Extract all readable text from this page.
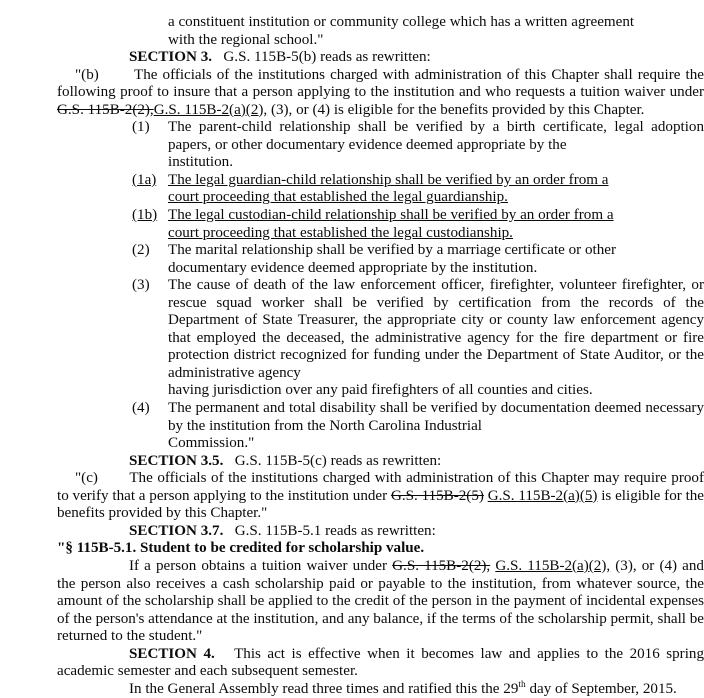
a constituent institution or community college which has a written agreement
with the regional school."
SECTION 3. G.S. 115B-5(b) reads as rewritten:
"(b) The officials of the institutions charged with administration of this Chapter shall require the following proof to insure that a person applying to the institution and who requests a tuition waiver under G.S. 115B-2(2),G.S. 115B-2(a)(2), (3), or (4) is eligible for the benefits provided by this Chapter.
(1)	The parent-child relationship shall be verified by a birth certificate, legal adoption papers, or other documentary evidence deemed appropriate by the
institution.
(1a) The legal guardian-child relationship shall be verified by an order from a
court proceeding that established the legal guardianship.
(1b) The legal custodian-child relationship shall be verified by an order from a
court proceeding that established the legal custodianship.
(2)	The marital relationship shall be verified by a marriage certificate or other
documentary evidence deemed appropriate by the institution.
(3)	The cause of death of the law enforcement officer, firefighter, volunteer firefighter, or rescue squad worker shall be verified by certification from the records of the Department of State Treasurer, the appropriate city or county law enforcement agency that employed the deceased, the administrative agency for the fire department or fire protection district recognized for funding under the Department of State Auditor, or the administrative agency
having jurisdiction over any paid firefighters of all counties and cities.
(4)	The permanent and total disability shall be verified by documentation deemed necessary by the institution from the North Carolina Industrial
Commission."
SECTION 3.5. G.S. 115B-5(c) reads as rewritten:
"(c) The officials of the institutions charged with administration of this Chapter may require proof to verify that a person applying to the institution under G.S. 115B-2(5) G.S. 115B-2(a)(5) is eligible for the benefits provided by this Chapter."
SECTION 3.7. G.S. 115B-5.1 reads as rewritten:
"§ 115B-5.1. Student to be credited for scholarship value.
If a person obtains a tuition waiver under G.S. 115B-2(2), G.S. 115B-2(a)(2), (3), or (4) and the person also receives a cash scholarship paid or payable to the institution, from whatever source, the amount of the scholarship shall be applied to the credit of the person in the payment of incidental expenses of the person's attendance at the institution, and any balance, if the terms of the scholarship permit, shall be returned to the student."
SECTION 4. This act is effective when it becomes law and applies to the 2016 spring academic semester and each subsequent semester.
In the General Assembly read three times and ratified this the 29th day of September, 2015.
